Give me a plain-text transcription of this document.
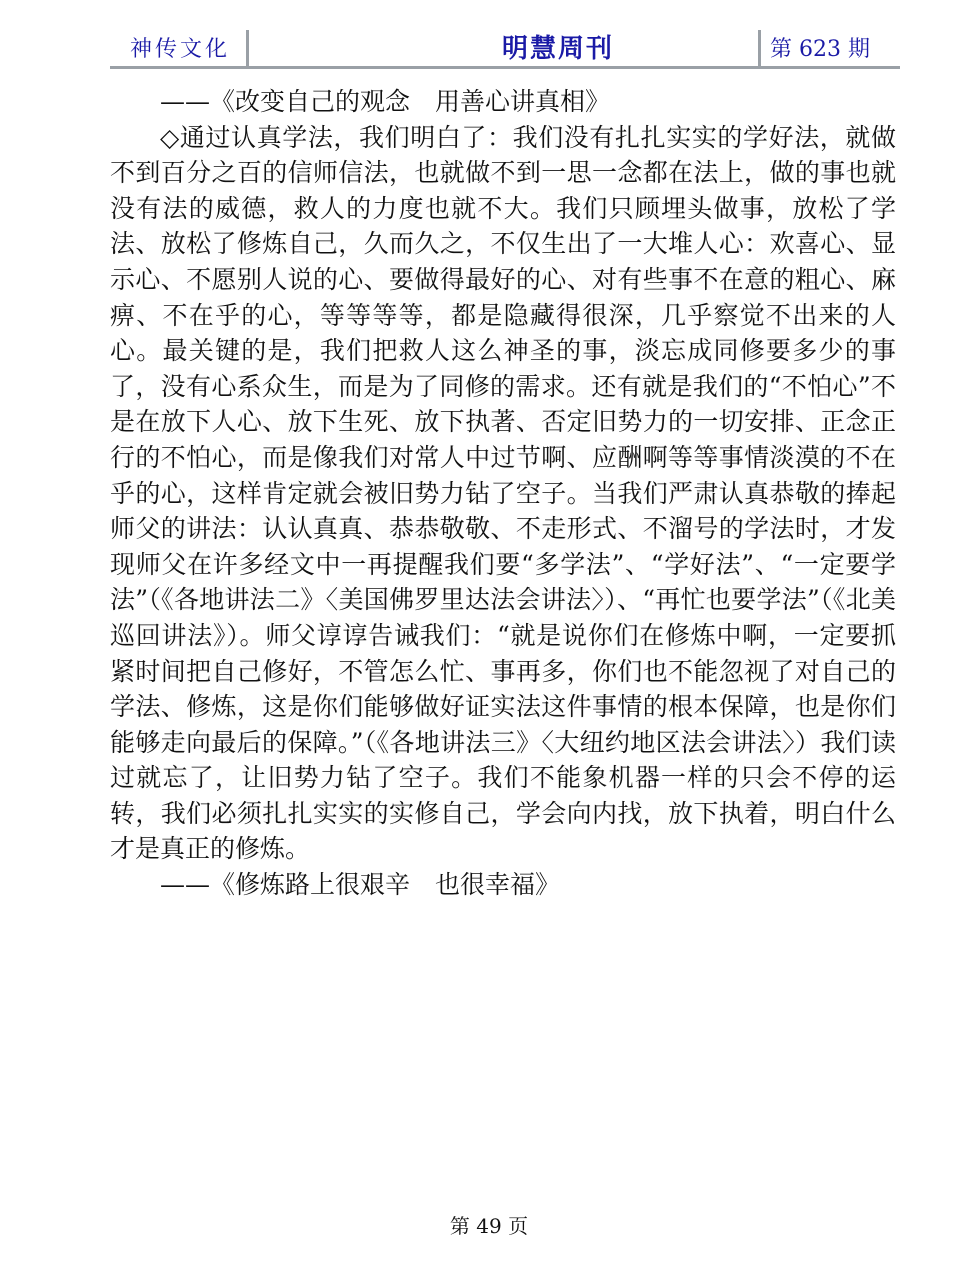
神传文化	明慧周刊	第 623 期

——《改变自己的观念　用善心讲真相》

◇通过认真学法，我们明白了：我们没有扎扎实实的学好法，就做不到百分之百的信师信法，也就做不到一思一念都在法上，做的事也就没有法的威德，救人的力度也就不大。我们只顾埋头做事，放松了学法、放松了修炼自己，久而久之，不仅生出了一大堆人心：欢喜心、显示心、不愿别人说的心、要做得最好的心、对有些事不在意的粗心、麻痹、不在乎的心，等等等等，都是隐藏得很深，几乎察觉不出来的人心。最关键的是，我们把救人这么神圣的事，淡忘成同修要多少的事了，没有心系众生，而是为了同修的需求。还有就是我们的“不怕心”不是在放下人心、放下生死、放下执著、否定旧势力的一切安排、正念正行的不怕心，而是像我们对常人中过节啊、应酬啊等等事情淡漠的不在乎的心，这样肯定就会被旧势力钻了空子。当我们严肃认真恭敬的捧起师父的讲法：认认真真、恭恭敬敬、不走形式、不溜号的学法时，才发现师父在许多经文中一再提醒我们要“多学法”、“学好法”、“一定要学法”（《各地讲法二》〈美国佛罗里达法会讲法〉）、“再忙也要学法”（《北美巡回讲法》）。师父谆谆告诫我们：“就是说你们在修炼中啊，一定要抓紧时间把自己修好，不管怎么忙、事再多，你们也不能忽视了对自己的学法、修炼，这是你们能够做好证实法这件事情的根本保障，也是你们能够走向最后的保障。”（《各地讲法三》〈大纽约地区法会讲法〉）我们读过就忘了，让旧势力钻了空子。我们不能象机器一样的只会不停的运转，我们必须扎扎实实的实修自己，学会向内找，放下执着，明白什么才是真正的修炼。

——《修炼路上很艰辛　也很幸福》

第 49 页
